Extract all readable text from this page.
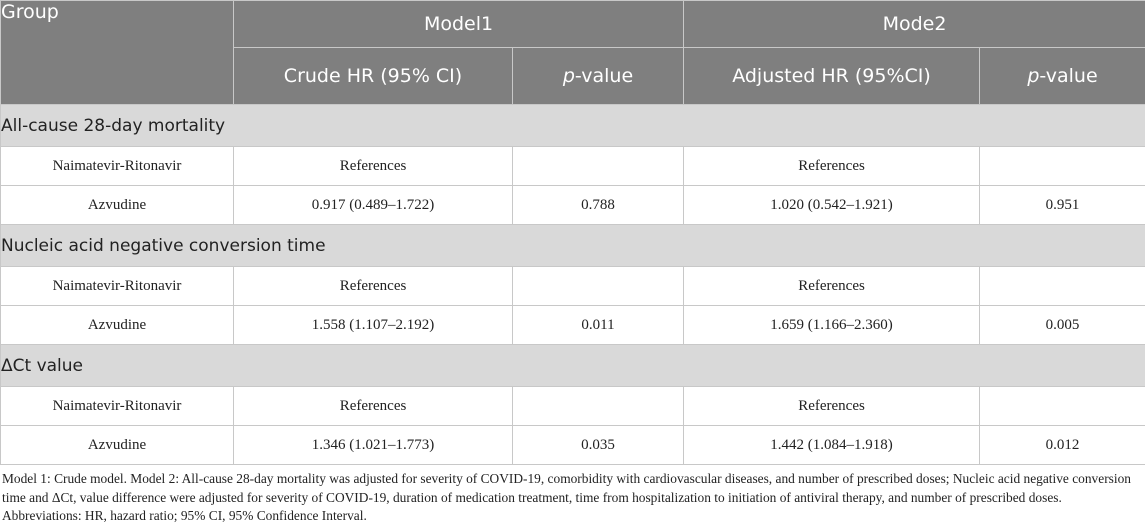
Group	Model1		Mode2	
	Crude HR (95% CI)	p-value	Adjusted HR (95%CI)	p-value
All-cause 28-day mortality				
Naimatevir-Ritonavir	References		References	
Azvudine	0.917 (0.489–1.722)	0.788	1.020 (0.542–1.921)	0.951
Nucleic acid negative conversion time				
Naimatevir-Ritonavir	References		References	
Azvudine	1.558 (1.107–2.192)	0.011	1.659 (1.166–2.360)	0.005
ΔCt value				
Naimatevir-Ritonavir	References		References	
Azvudine	1.346 (1.021–1.773)	0.035	1.442 (1.084–1.918)	0.012
Model 1: Crude model. Model 2: All-cause 28-day mortality was adjusted for severity of COVID-19, comorbidity with cardiovascular diseases, and number of prescribed doses; Nucleic acid negative conversion time and ΔCt, value difference were adjusted for severity of COVID-19, duration of medication treatment, time from hospitalization to initiation of antiviral therapy, and number of prescribed doses. Abbreviations: HR, hazard ratio; 95% CI, 95% Confidence Interval.
